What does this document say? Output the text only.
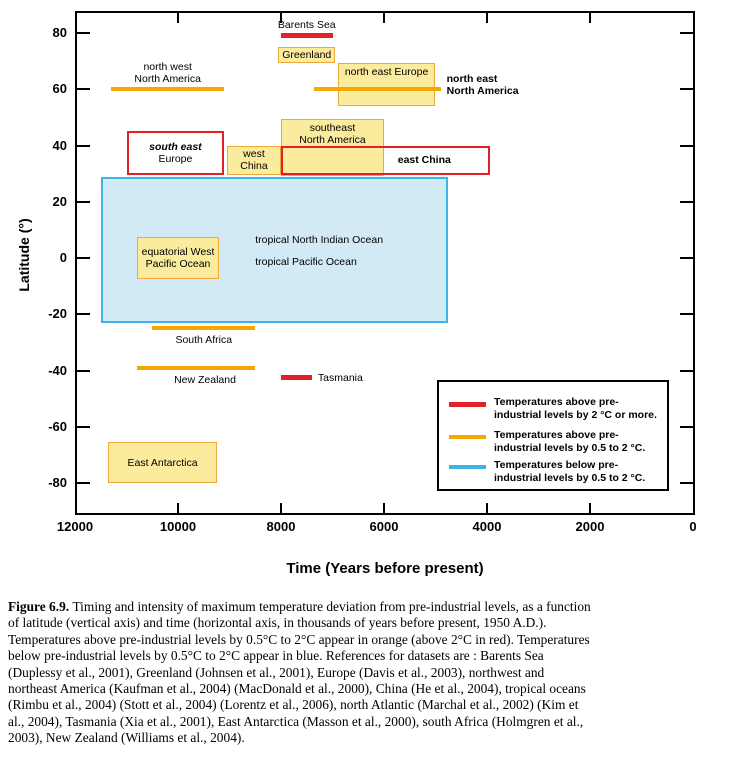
Latitude (°)
Time (Years before present)
Temperatures above pre-
industrial levels by 2 °C or more.
Temperatures above pre-
industrial levels by 0.5 to 2 °C.
Temperatures below pre-
industrial levels by 0.5 to 2 °C.
12000	10000	8000	6000	4000	2000	0
80
60
40
20
0
-20
-40
-60
-80
Greenland
north east Europe
southeast
North America
west
China
equatorial West
Pacific Ocean
East Antarctica
south east
Europe	east China
Barents Sea
north west
North America	north east
North America
South Africa
New Zealand	Tasmania
tropical North Indian Ocean
tropical Pacific Ocean
Figure 6.9. Timing and intensity of maximum temperature deviation from pre-industrial levels, as a function
of latitude (vertical axis) and time (horizontal axis, in thousands of years before present, 1950 A.D.).
Temperatures above pre-industrial levels by 0.5°C to 2°C appear in orange (above 2°C in red). Temperatures
below pre-industrial levels by 0.5°C to 2°C appear in blue. References for datasets are : Barents Sea
(Duplessy et al., 2001), Greenland (Johnsen et al., 2001), Europe (Davis et al., 2003), northwest and
northeast America (Kaufman et al., 2004) (MacDonald et al., 2000), China (He et al., 2004), tropical oceans
(Rimbu et al., 2004) (Stott et al., 2004) (Lorentz et al., 2006), north Atlantic (Marchal et al., 2002) (Kim et
al., 2004), Tasmania (Xia et al., 2001), East Antarctica (Masson et al., 2000), south Africa (Holmgren et al.,
2003), New Zealand (Williams et al., 2004).
